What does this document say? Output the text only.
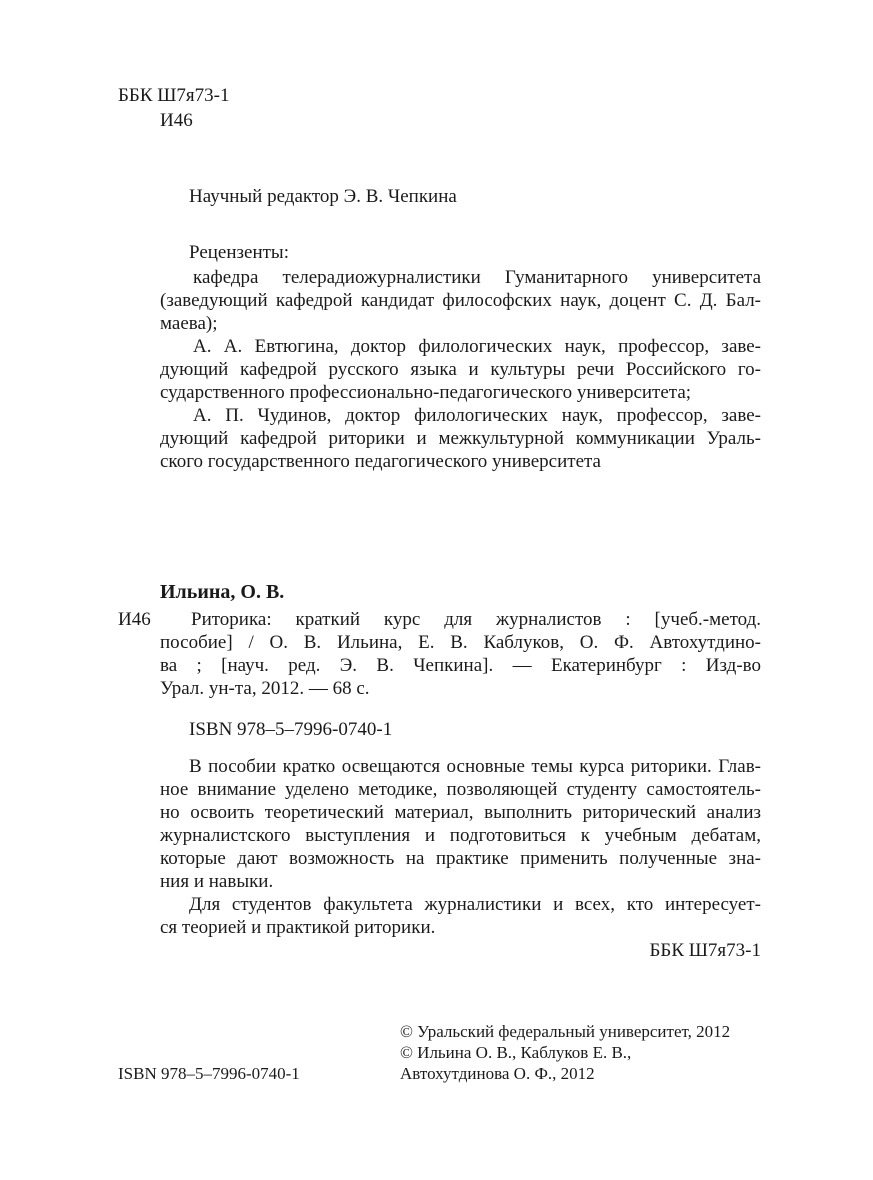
ББК Ш7я73-1
И46
Научный редактор Э. В. Чепкина
Рецензенты:
кафедра телерадиожурналистики Гуманитарного университета
(заведующий кафедрой кандидат философских наук, доцент С. Д. Бал-
маева);
А. А. Евтюгина, доктор филологических наук, профессор, заве-
дующий кафедрой русского языка и культуры речи Российского го-
сударственного профессионально-педагогического университета;
А. П. Чудинов, доктор филологических наук, профессор, заве-
дующий кафедрой риторики и межкультурной коммуникации Ураль-
ского государственного педагогического университета
Ильина, О. В.
И46 Риторика: краткий курс для журналистов : [учеб.-метод.
пособие] / О. В. Ильина, Е. В. Каблуков, О. Ф. Автохутдино-
ва ; [науч. ред. Э. В. Чепкина]. — Екатеринбург : Изд-во
Урал. ун-та, 2012. — 68 с.
ISBN 978–5–7996-0740-1
В пособии кратко освещаются основные темы курса риторики. Глав-
ное внимание уделено методике, позволяющей студенту самостоятель-
но освоить теоретический материал, выполнить риторический анализ
журналистского выступления и подготовиться к учебным дебатам,
которые дают возможность на практике применить полученные зна-
ния и навыки.
Для студентов факультета журналистики и всех, кто интересует-
ся теорией и практикой риторики.
ББК Ш7я73-1
ISBN 978–5–7996-0740-1
© Уральский федеральный университет, 2012
© Ильина О. В., Каблуков Е. В.,
Автохутдинова О. Ф., 2012
